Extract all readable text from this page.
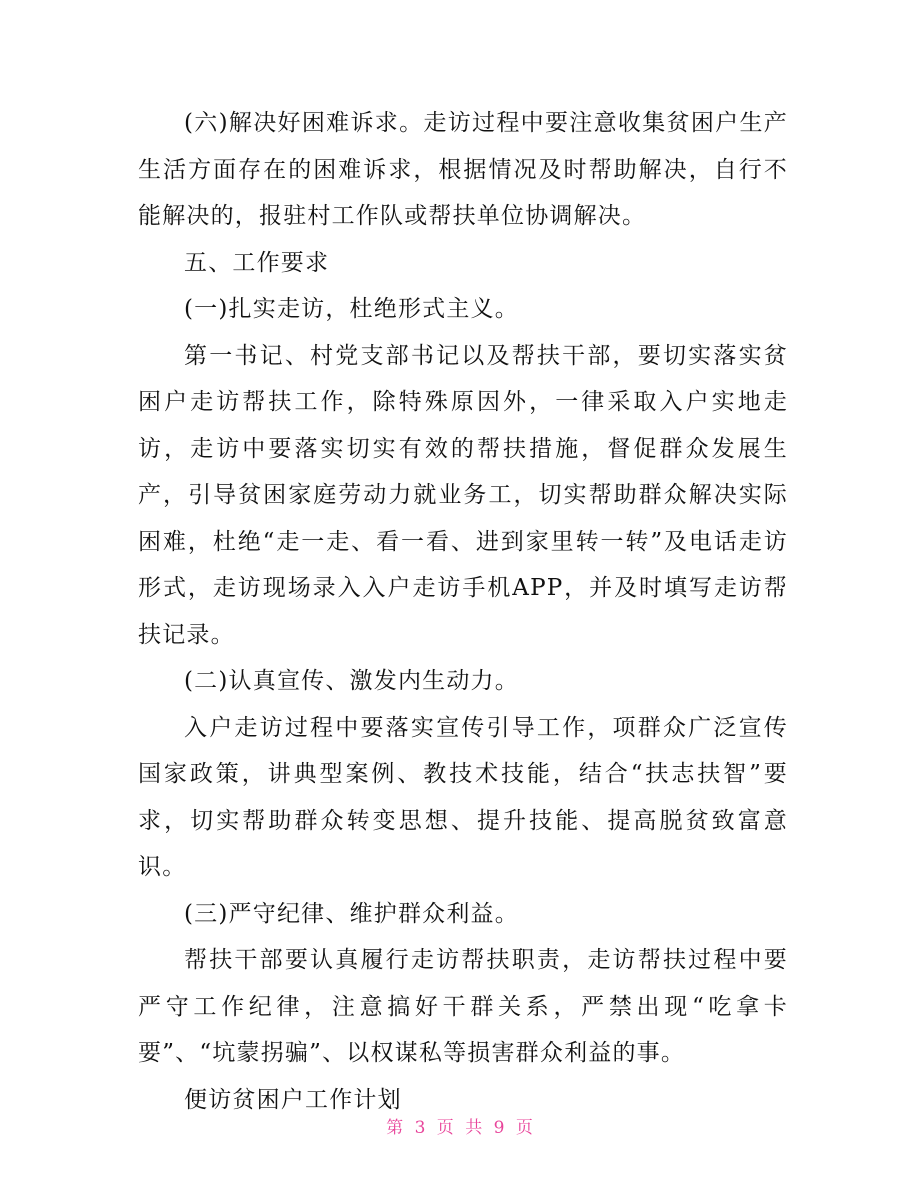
(六)解决好困难诉求。走访过程中要注意收集贫困户生产生活方面存在的困难诉求，根据情况及时帮助解决，自行不能解决的，报驻村工作队或帮扶单位协调解决。

五、工作要求

(一)扎实走访，杜绝形式主义。

第一书记、村党支部书记以及帮扶干部，要切实落实贫困户走访帮扶工作，除特殊原因外，一律采取入户实地走访，走访中要落实切实有效的帮扶措施，督促群众发展生产，引导贫困家庭劳动力就业务工，切实帮助群众解决实际困难，杜绝“走一走、看一看、进到家里转一转”及电话走访形式，走访现场录入入户走访手机APP，并及时填写走访帮扶记录。

(二)认真宣传、激发内生动力。

入户走访过程中要落实宣传引导工作，项群众广泛宣传国家政策，讲典型案例、教技术技能，结合“扶志扶智”要求，切实帮助群众转变思想、提升技能、提高脱贫致富意识。

(三)严守纪律、维护群众利益。

帮扶干部要认真履行走访帮扶职责，走访帮扶过程中要严守工作纪律，注意搞好干群关系，严禁出现“吃拿卡要”、“坑蒙拐骗”、以权谋私等损害群众利益的事。

便访贫困户工作计划

第 3 页 共 9 页
